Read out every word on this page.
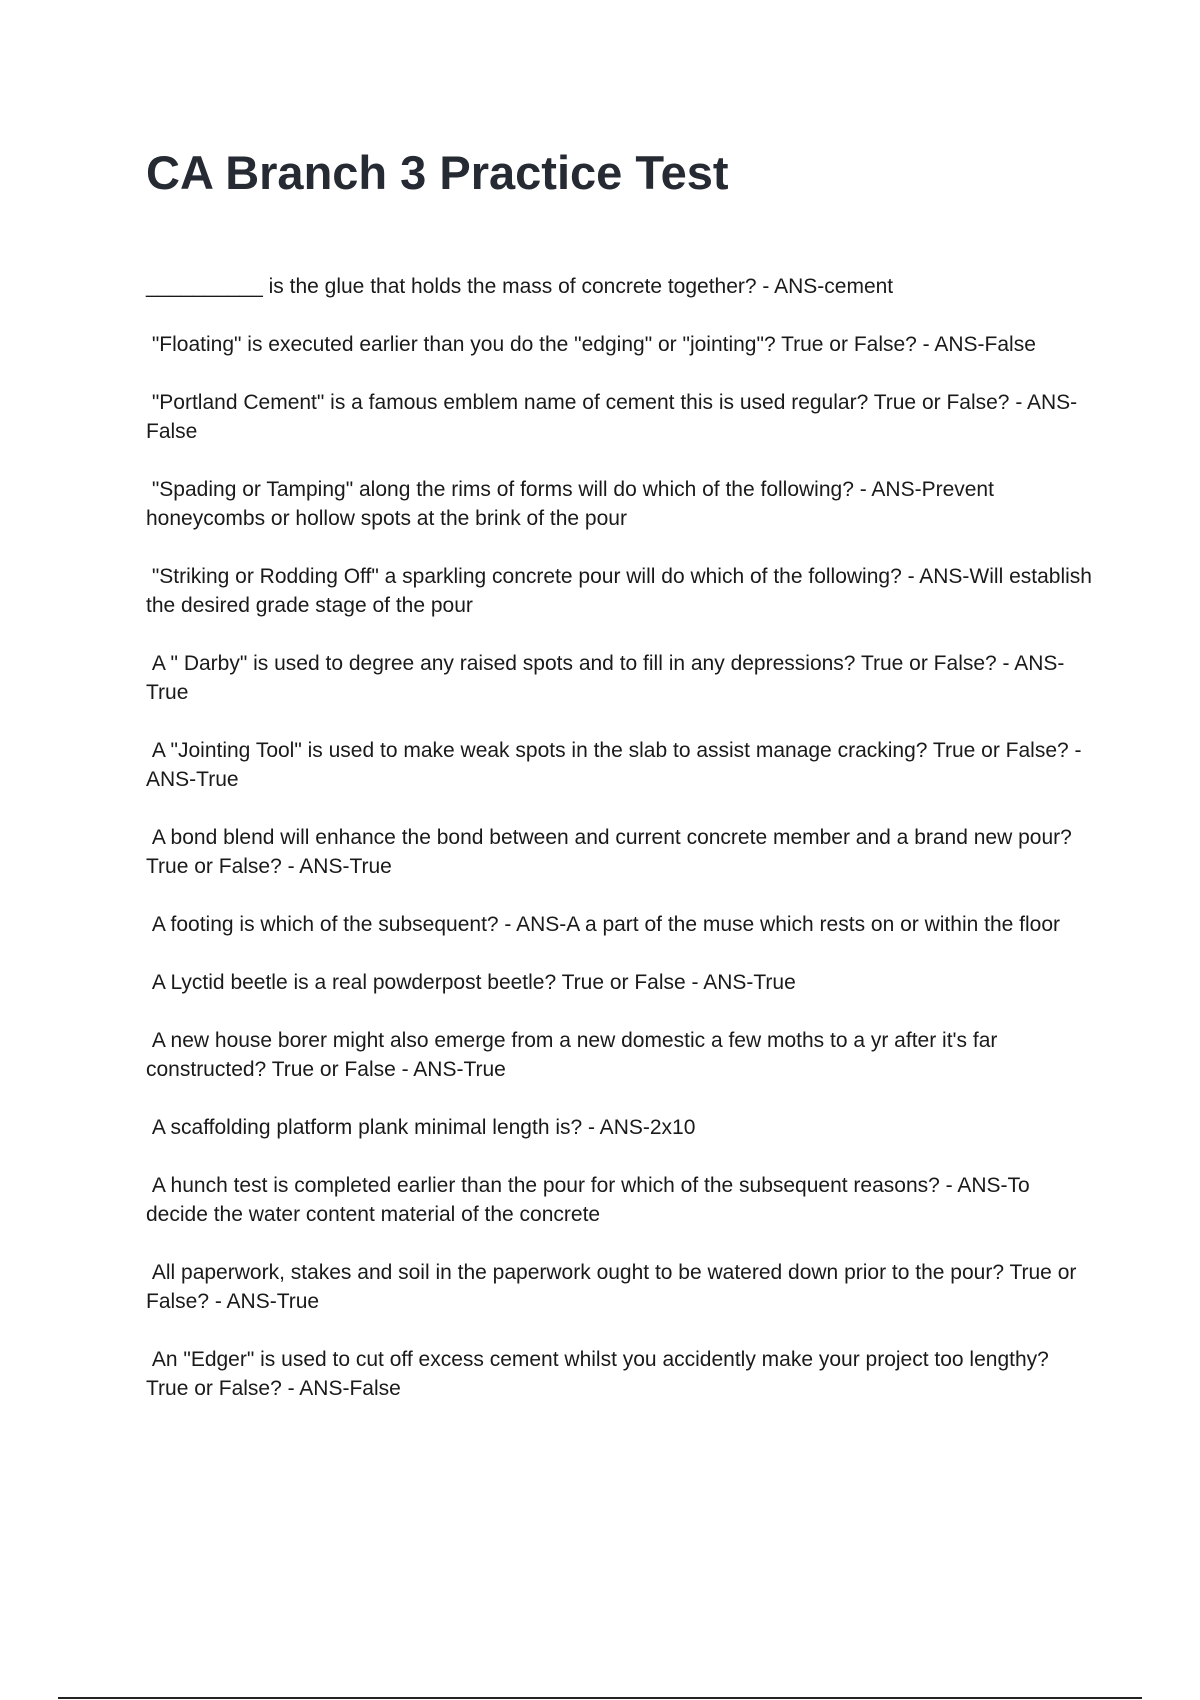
CA Branch 3 Practice Test

__________ is the glue that holds the mass of concrete together? - ANS-cement

"Floating" is executed earlier than you do the "edging" or "jointing"? True or False? - ANS-False

"Portland Cement" is a famous emblem name of cement this is used regular? True or False? - ANS-False

"Spading or Tamping" along the rims of forms will do which of the following? - ANS-Prevent honeycombs or hollow spots at the brink of the pour

"Striking or Rodding Off" a sparkling concrete pour will do which of the following? - ANS-Will establish the desired grade stage of the pour

A " Darby" is used to degree any raised spots and to fill in any depressions? True or False? - ANS-True

A "Jointing Tool" is used to make weak spots in the slab to assist manage cracking? True or False? - ANS-True

A bond blend will enhance the bond between and current concrete member and a brand new pour? True or False? - ANS-True

A footing is which of the subsequent? - ANS-A a part of the muse which rests on or within the floor

A Lyctid beetle is a real powderpost beetle? True or False - ANS-True

A new house borer might also emerge from a new domestic a few moths to a yr after it's far constructed? True or False - ANS-True

A scaffolding platform plank minimal length is? - ANS-2x10

A hunch test is completed earlier than the pour for which of the subsequent reasons? - ANS-To decide the water content material of the concrete

All paperwork, stakes and soil in the paperwork ought to be watered down prior to the pour? True or False? - ANS-True

An "Edger" is used to cut off excess cement whilst you accidently make your project too lengthy? True or False? - ANS-False
